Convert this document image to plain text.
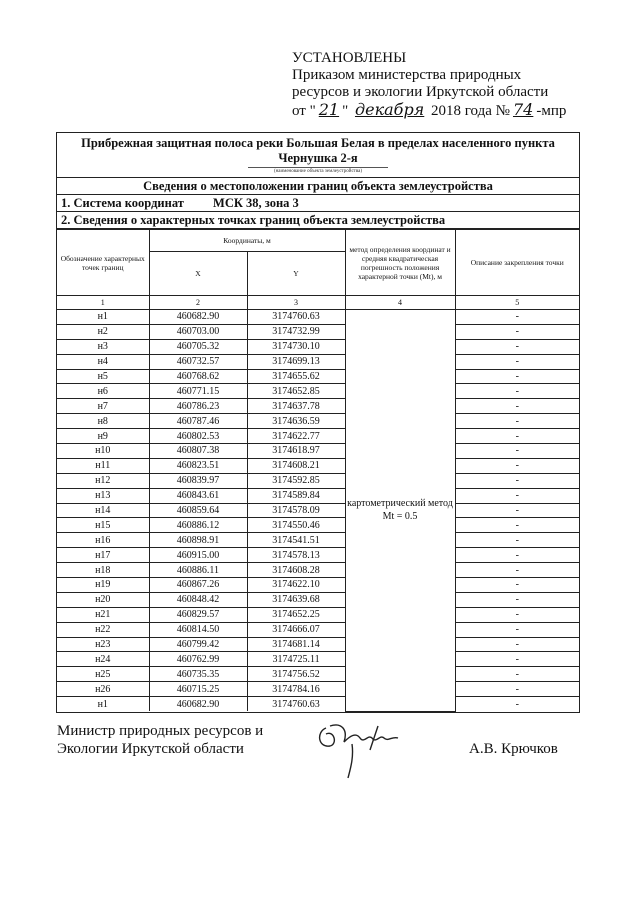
УСТАНОВЛЕНЫ
Приказом министерства природных
ресурсов и экологии Иркутской области
от " 21 " декабря 2018 года № 74 -мпр
Прибрежная защитная полоса реки Большая Белая в пределах населенного пункта Чернушка 2-я
(наименование объекта землеустройства)
Сведения о местоположении границ объекта землеустройства
1. Система координат МСК 38, зона 3
2. Сведения о характерных точках границ объекта землеустройства
Обозначение характерных точек границ	Координаты, м		метод определения координат и средняя квадратическая погрешность положения характерной точки (Mt), м	Описание закрепления точки
	X	Y		
1	2	3	4	5
н1	460682.90	3174760.63	картометрический метод Mt = 0.5	-
н2	460703.00	3174732.99		-
н3	460705.32	3174730.10		-
н4	460732.57	3174699.13		-
н5	460768.62	3174655.62		-
н6	460771.15	3174652.85		-
н7	460786.23	3174637.78		-
н8	460787.46	3174636.59		-
н9	460802.53	3174622.77		-
н10	460807.38	3174618.97		-
н11	460823.51	3174608.21		-
н12	460839.97	3174592.85		-
н13	460843.61	3174589.84		-
н14	460859.64	3174578.09		-
н15	460886.12	3174550.46		-
н16	460898.91	3174541.51		-
н17	460915.00	3174578.13		-
н18	460886.11	3174608.28		-
н19	460867.26	3174622.10		-
н20	460848.42	3174639.68		-
н21	460829.57	3174652.25		-
н22	460814.50	3174666.07		-
н23	460799.42	3174681.14		-
н24	460762.99	3174725.11		-
н25	460735.35	3174756.52		-
н26	460715.25	3174784.16		-
н1	460682.90	3174760.63		-
Министр природных ресурсов и
Экологии Иркутской области	А.В. Крючков
